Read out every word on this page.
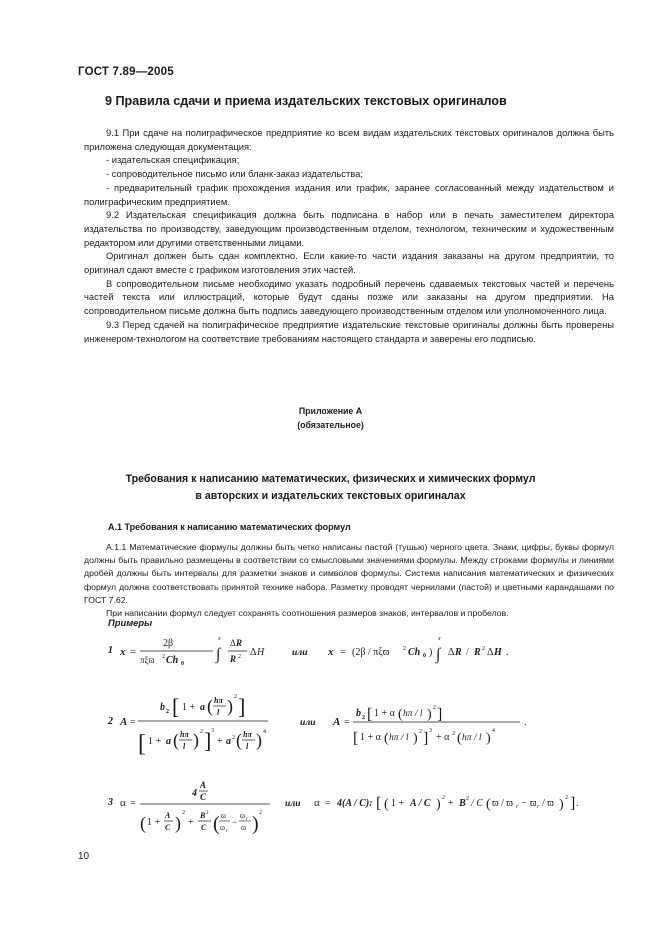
ГОСТ 7.89—2005
9 Правила сдачи и приема издательских текстовых оригиналов

9.1 При сдаче на полиграфическое предприятие ко всем видам издательских текстовых оригиналов должна быть приложена следующая документация:

- издательская спецификация;
- сопроводительное письмо или бланк-заказ издательства;
- предварительный график прохождения издания или график, заранее согласованный между издательством и полиграфическим предприятием.

9.2 Издательская спецификация должна быть подписана в набор или в печать заместителем директора издательства по производству, заведующим производственным отделом, технологом, техническим и художественным редактором или другими ответственными лицами.

Оригинал должен быть сдан комплектно. Если какие-то части издания заказаны на другом предприятии, то оригинал сдают вместе с графиком изготовления этих частей.

В сопроводительном письме необходимо указать подробный перечень сдаваемых текстовых частей и перечень частей текста или иллюстраций, которые будут сданы позже или заказаны на другом предприятии. На сопроводительном письме должна быть подпись заведующего производственным отделом или уполномоченного лица.

9.3 Перед сдачей на полиграфическое предприятие издательские текстовые оригиналы должны быть проверены инженером-технологом на соответствие требованиям настоящего стандарта и заверены его подписью.

Приложение А
(обязательное)
Требования к написанию математических, физических и химических формул
в авторских и издательских текстовых оригиналах
А.1 Требования к написанию математических формул

А.1.1 Математические формулы должны быть четко написаны пастой (тушью) черного цвета. Знаки, цифры, буквы формул должны быть правильно размещены в соответствии со смысловыми значениями формулы. Между строками формулы и линиями дробей должны быть интервалы для разметки знаков и символов формулы. Система написания математических и физических формул должна соответствовать принятой технике набора. Разметку проводят чернилами (пастой) и цветными карандашами по ГОСТ 7.62.

При написании формул следует сохранять соотношения размеров знаков, интервалов и пробелов.

Примеры
1 x =
2β
πξϖ 2 Ch 0
∫
x Δ R
R 2 Δ H	или x = (2β / πξϖ 2 Ch 0 ) ∫
x
Δ R / R 2 Δ H .
2 A =
b 2 [ 1 + a ( hπ
l ) 2 ]
[ 1 + a ( hπ
l ) 2 ] 3
+ a 2 ( hπ
l ) 4
или A =
b 2 [ 1 + α ( hπ / l ) 2 ]
[ 1 + α ( hπ / l ) 2 ] 3
+ α 2 ( hπ / l ) 4
.
3 α =
4
A
C
( 1 +
A
C ) 2
+
B 2
C ( ϖ
ϖ r
−
ϖ r
ϖ ) 2
или α = 4(A / C): [ ( 1 + A / C ) 2 + B 2 / C ( ϖ / ϖ r − ϖ r / ϖ ) 2 ] .
10
